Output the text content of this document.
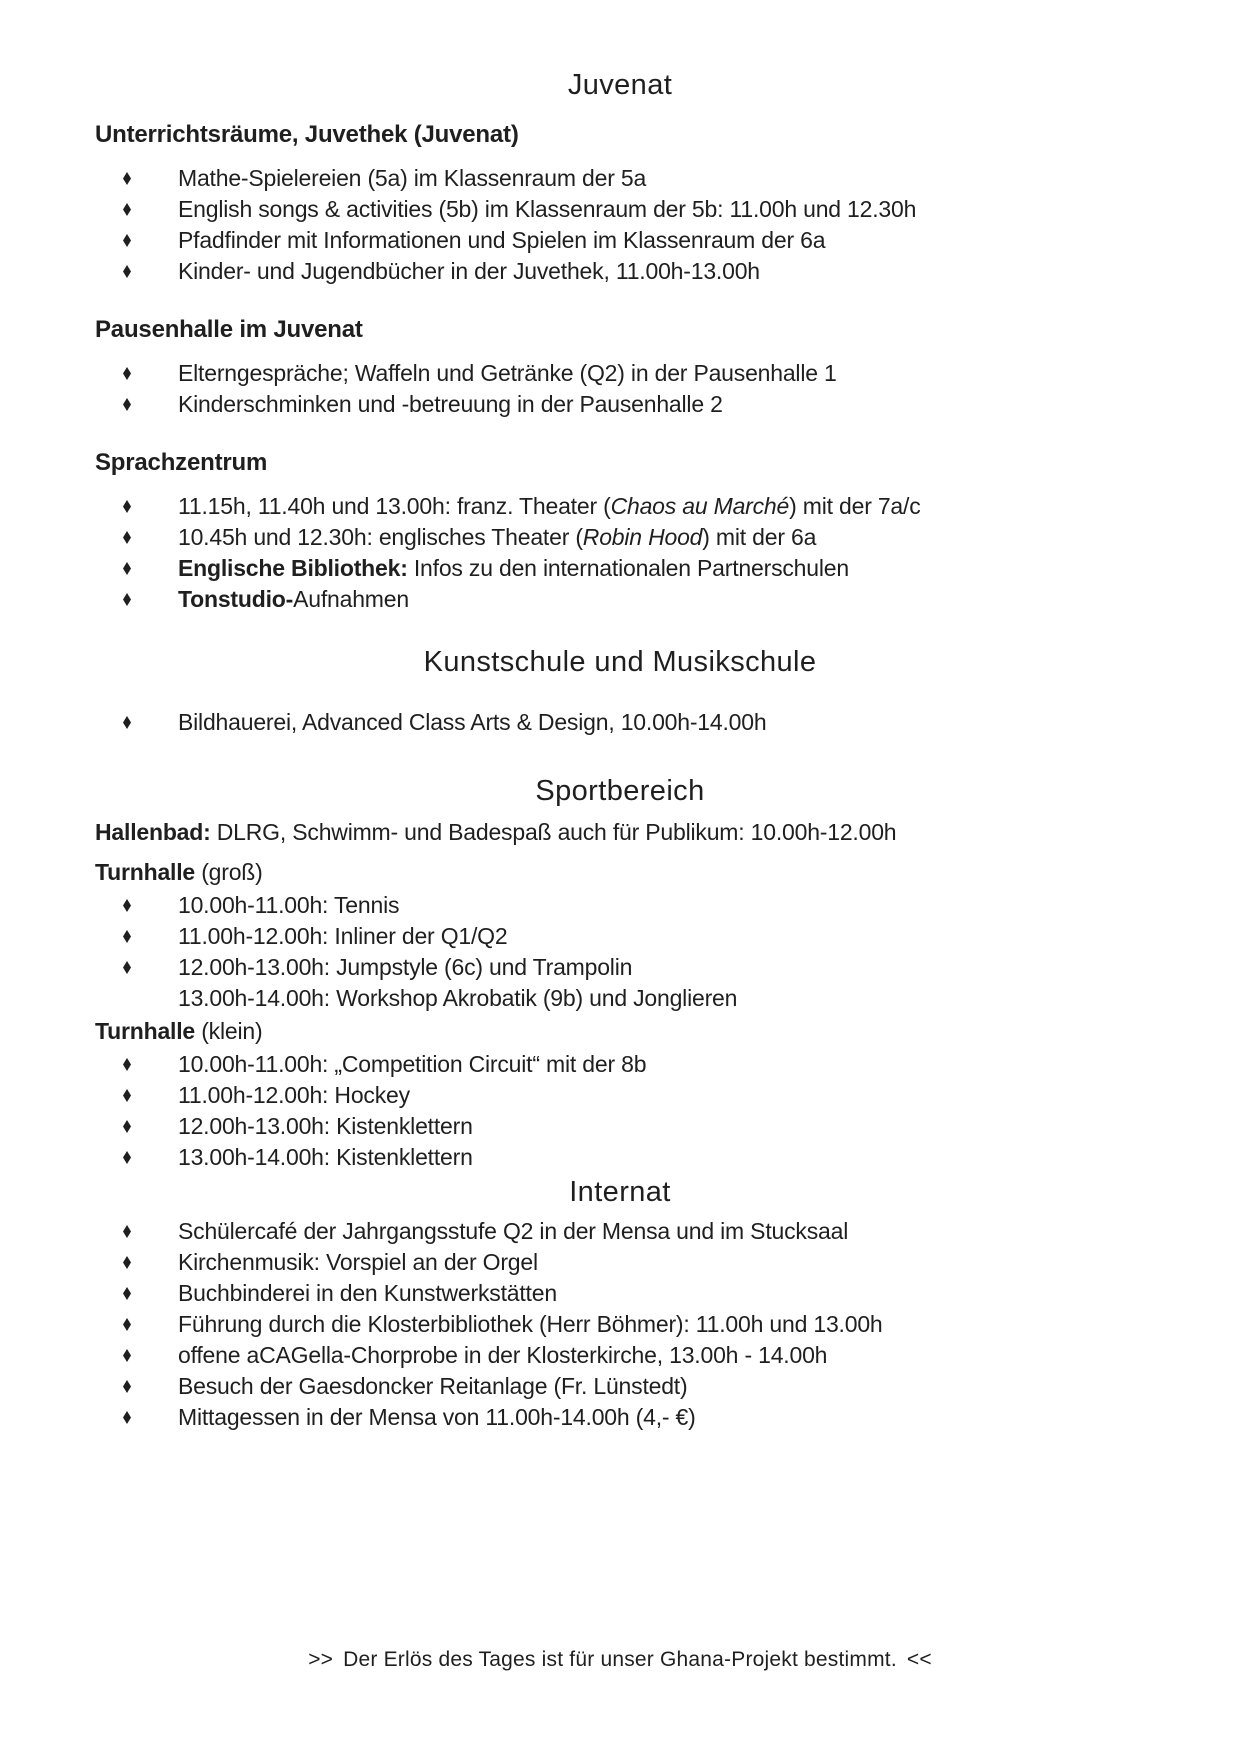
Juvenat
Unterrichtsräume, Juvethek (Juvenat)
Mathe-Spielereien (5a) im Klassenraum der 5a
English songs & activities (5b) im Klassenraum der 5b: 11.00h und 12.30h
Pfadfinder mit Informationen und Spielen im Klassenraum der 6a
Kinder- und Jugendbücher in der Juvethek, 11.00h-13.00h
Pausenhalle im Juvenat
Elterngespräche; Waffeln und Getränke (Q2) in der Pausenhalle 1
Kinderschminken und -betreuung in der Pausenhalle 2
Sprachzentrum
11.15h, 11.40h und 13.00h: franz. Theater (Chaos au Marché) mit der 7a/c
10.45h und 12.30h: englisches Theater (Robin Hood) mit der 6a
Englische Bibliothek: Infos zu den internationalen Partnerschulen
Tonstudio-Aufnahmen
Kunstschule und Musikschule
Bildhauerei, Advanced Class Arts & Design, 10.00h-14.00h
Sportbereich

Hallenbad: DLRG, Schwimm- und Badespaß auch für Publikum: 10.00h-12.00h

Turnhalle (groß)

10.00h-11.00h: Tennis
11.00h-12.00h: Inliner der Q1/Q2
12.00h-13.00h: Jumpstyle (6c) und Trampolin
13.00h-14.00h: Workshop Akrobatik (9b) und Jonglieren

Turnhalle (klein)

10.00h-11.00h: „Competition Circuit“ mit der 8b
11.00h-12.00h: Hockey
12.00h-13.00h: Kistenklettern
13.00h-14.00h: Kistenklettern
Internat
Schülercafé der Jahrgangsstufe Q2 in der Mensa und im Stucksaal
Kirchenmusik: Vorspiel an der Orgel
Buchbinderei in den Kunstwerkstätten
Führung durch die Klosterbibliothek (Herr Böhmer): 11.00h und 13.00h
offene aCAGella-Chorprobe in der Klosterkirche, 13.00h - 14.00h
Besuch der Gaesdoncker Reitanlage (Fr. Lünstedt)
Mittagessen in der Mensa von 11.00h-14.00h (4,- €)
>> Der Erlös des Tages ist für unser Ghana-Projekt bestimmt. <<
